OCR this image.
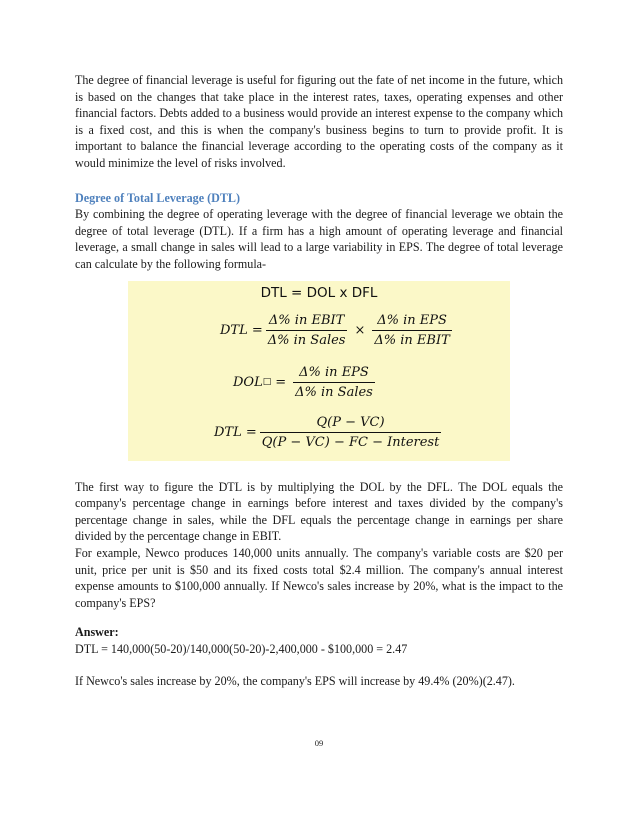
The degree of financial leverage is useful for figuring out the fate of net income in the future, which is based on the changes that take place in the interest rates, taxes, operating expenses and other financial factors. Debts added to a business would provide an interest expense to the company which is a fixed cost, and this is when the company's business begins to turn to provide profit. It is important to balance the financial leverage according to the operating costs of the company as it would minimize the level of risks involved.

Degree of Total Leverage (DTL)

By combining the degree of operating leverage with the degree of financial leverage we obtain the degree of total leverage (DTL). If a firm has a high amount of operating leverage and financial leverage, a small change in sales will lead to a large variability in EPS. The degree of total leverage can calculate by the following formula-

DTL = DOL x DFL
DTL = $\frac{\text{Δ\% in EBIT}}{\text{Δ\% in Sales}} \times \frac{\text{Δ\% in EPS}}{\text{Δ\% in EBIT}}$
DOL □ = $\frac{\text{Δ\% in EPS}}{\text{Δ\% in Sales}}$
DTL = $\frac{Q(P - VC)}{\text{Q(P − VC) − FC − Interest}}$

The first way to figure the DTL is by multiplying the DOL by the DFL. The DOL equals the company's percentage change in earnings before interest and taxes divided by the company's percentage change in sales, while the DFL equals the percentage change in earnings per share divided by the percentage change in EBIT.

For example, Newco produces 140,000 units annually. The company's variable costs are $20 per unit, price per unit is $50 and its fixed costs total $2.4 million. The company's annual interest expense amounts to $100,000 annually. If Newco's sales increase by 20%, what is the impact to the company's EPS?

Answer:

DTL = 140,000(50-20)/140,000(50-20)-2,400,000 - $100,000 = 2.47

If Newco's sales increase by 20%, the company's EPS will increase by 49.4% (20%)(2.47).

09
